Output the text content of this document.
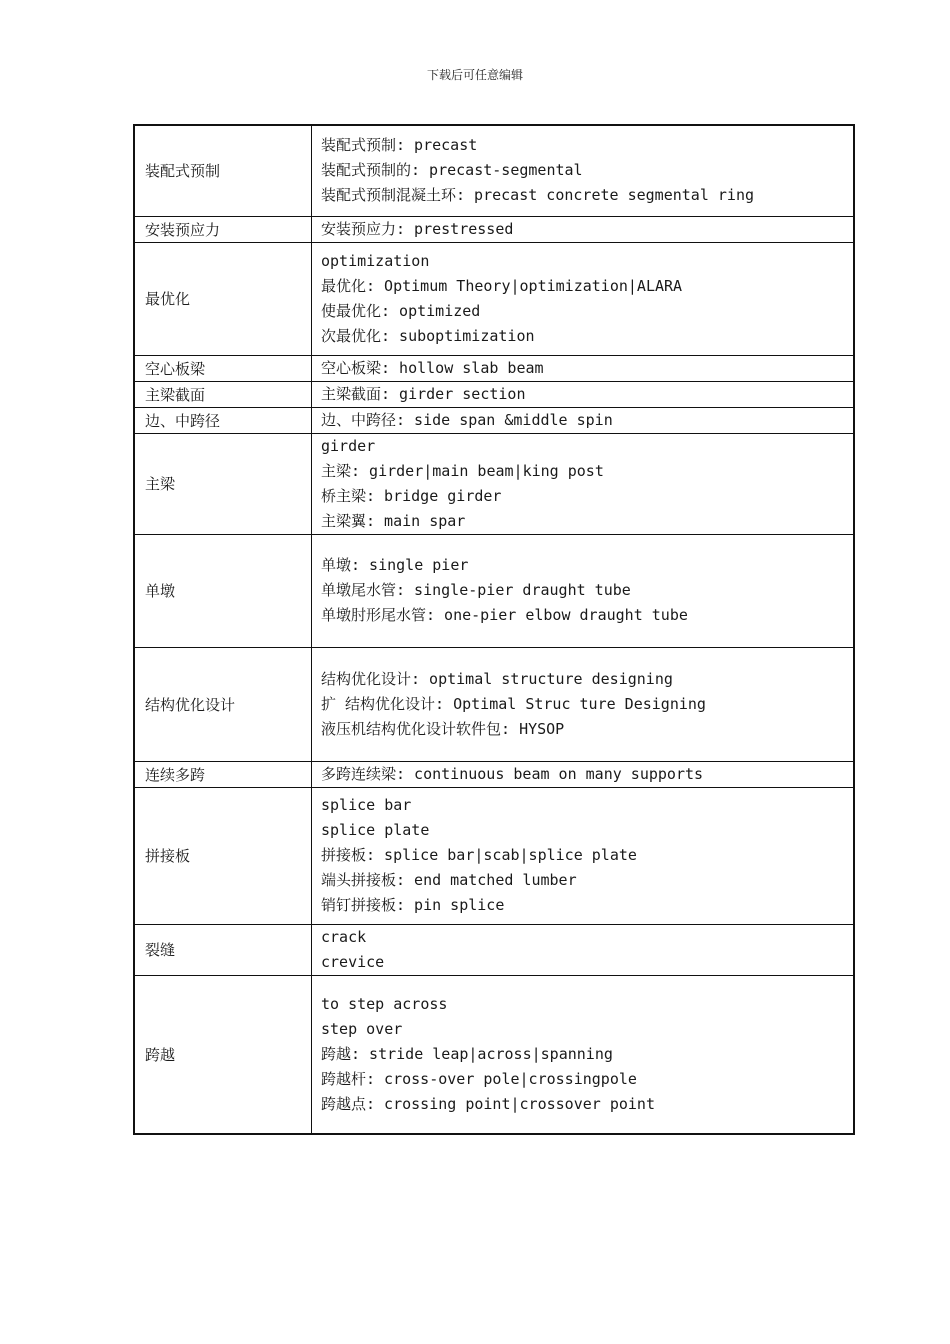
下载后可任意编辑
装配式预制	装配式预制: precast
装配式预制的: precast-segmental
装配式预制混凝土环: precast concrete segmental ring

安装预应力	安装预应力: prestressed

最优化	optimization
最优化: Optimum Theory|optimization|ALARA
使最优化: optimized
次最优化: suboptimization

空心板梁	空心板梁: hollow slab beam

主梁截面	主梁截面: girder section

边、中跨径	边、中跨径: side span &middle spin

主梁	girder
主梁: girder|main beam|king post
桥主梁: bridge girder
主梁翼: main spar

单墩	单墩: single pier
单墩尾水管: single-pier draught tube
单墩肘形尾水管: one-pier elbow draught tube

结构优化设计	结构优化设计: optimal structure designing
扩 结构优化设计: Optimal Struc ture Designing
液压机结构优化设计软件包: HYSOP

连续多跨	多跨连续梁: continuous beam on many supports

拼接板	splice bar
splice plate
拼接板: splice bar|scab|splice plate
端头拼接板: end matched lumber
销钉拼接板: pin splice

裂缝	crack
crevice

跨越	to step across
step over
跨越: stride leap|across|spanning
跨越杆: cross-over pole|crossingpole
跨越点: crossing point|crossover point
